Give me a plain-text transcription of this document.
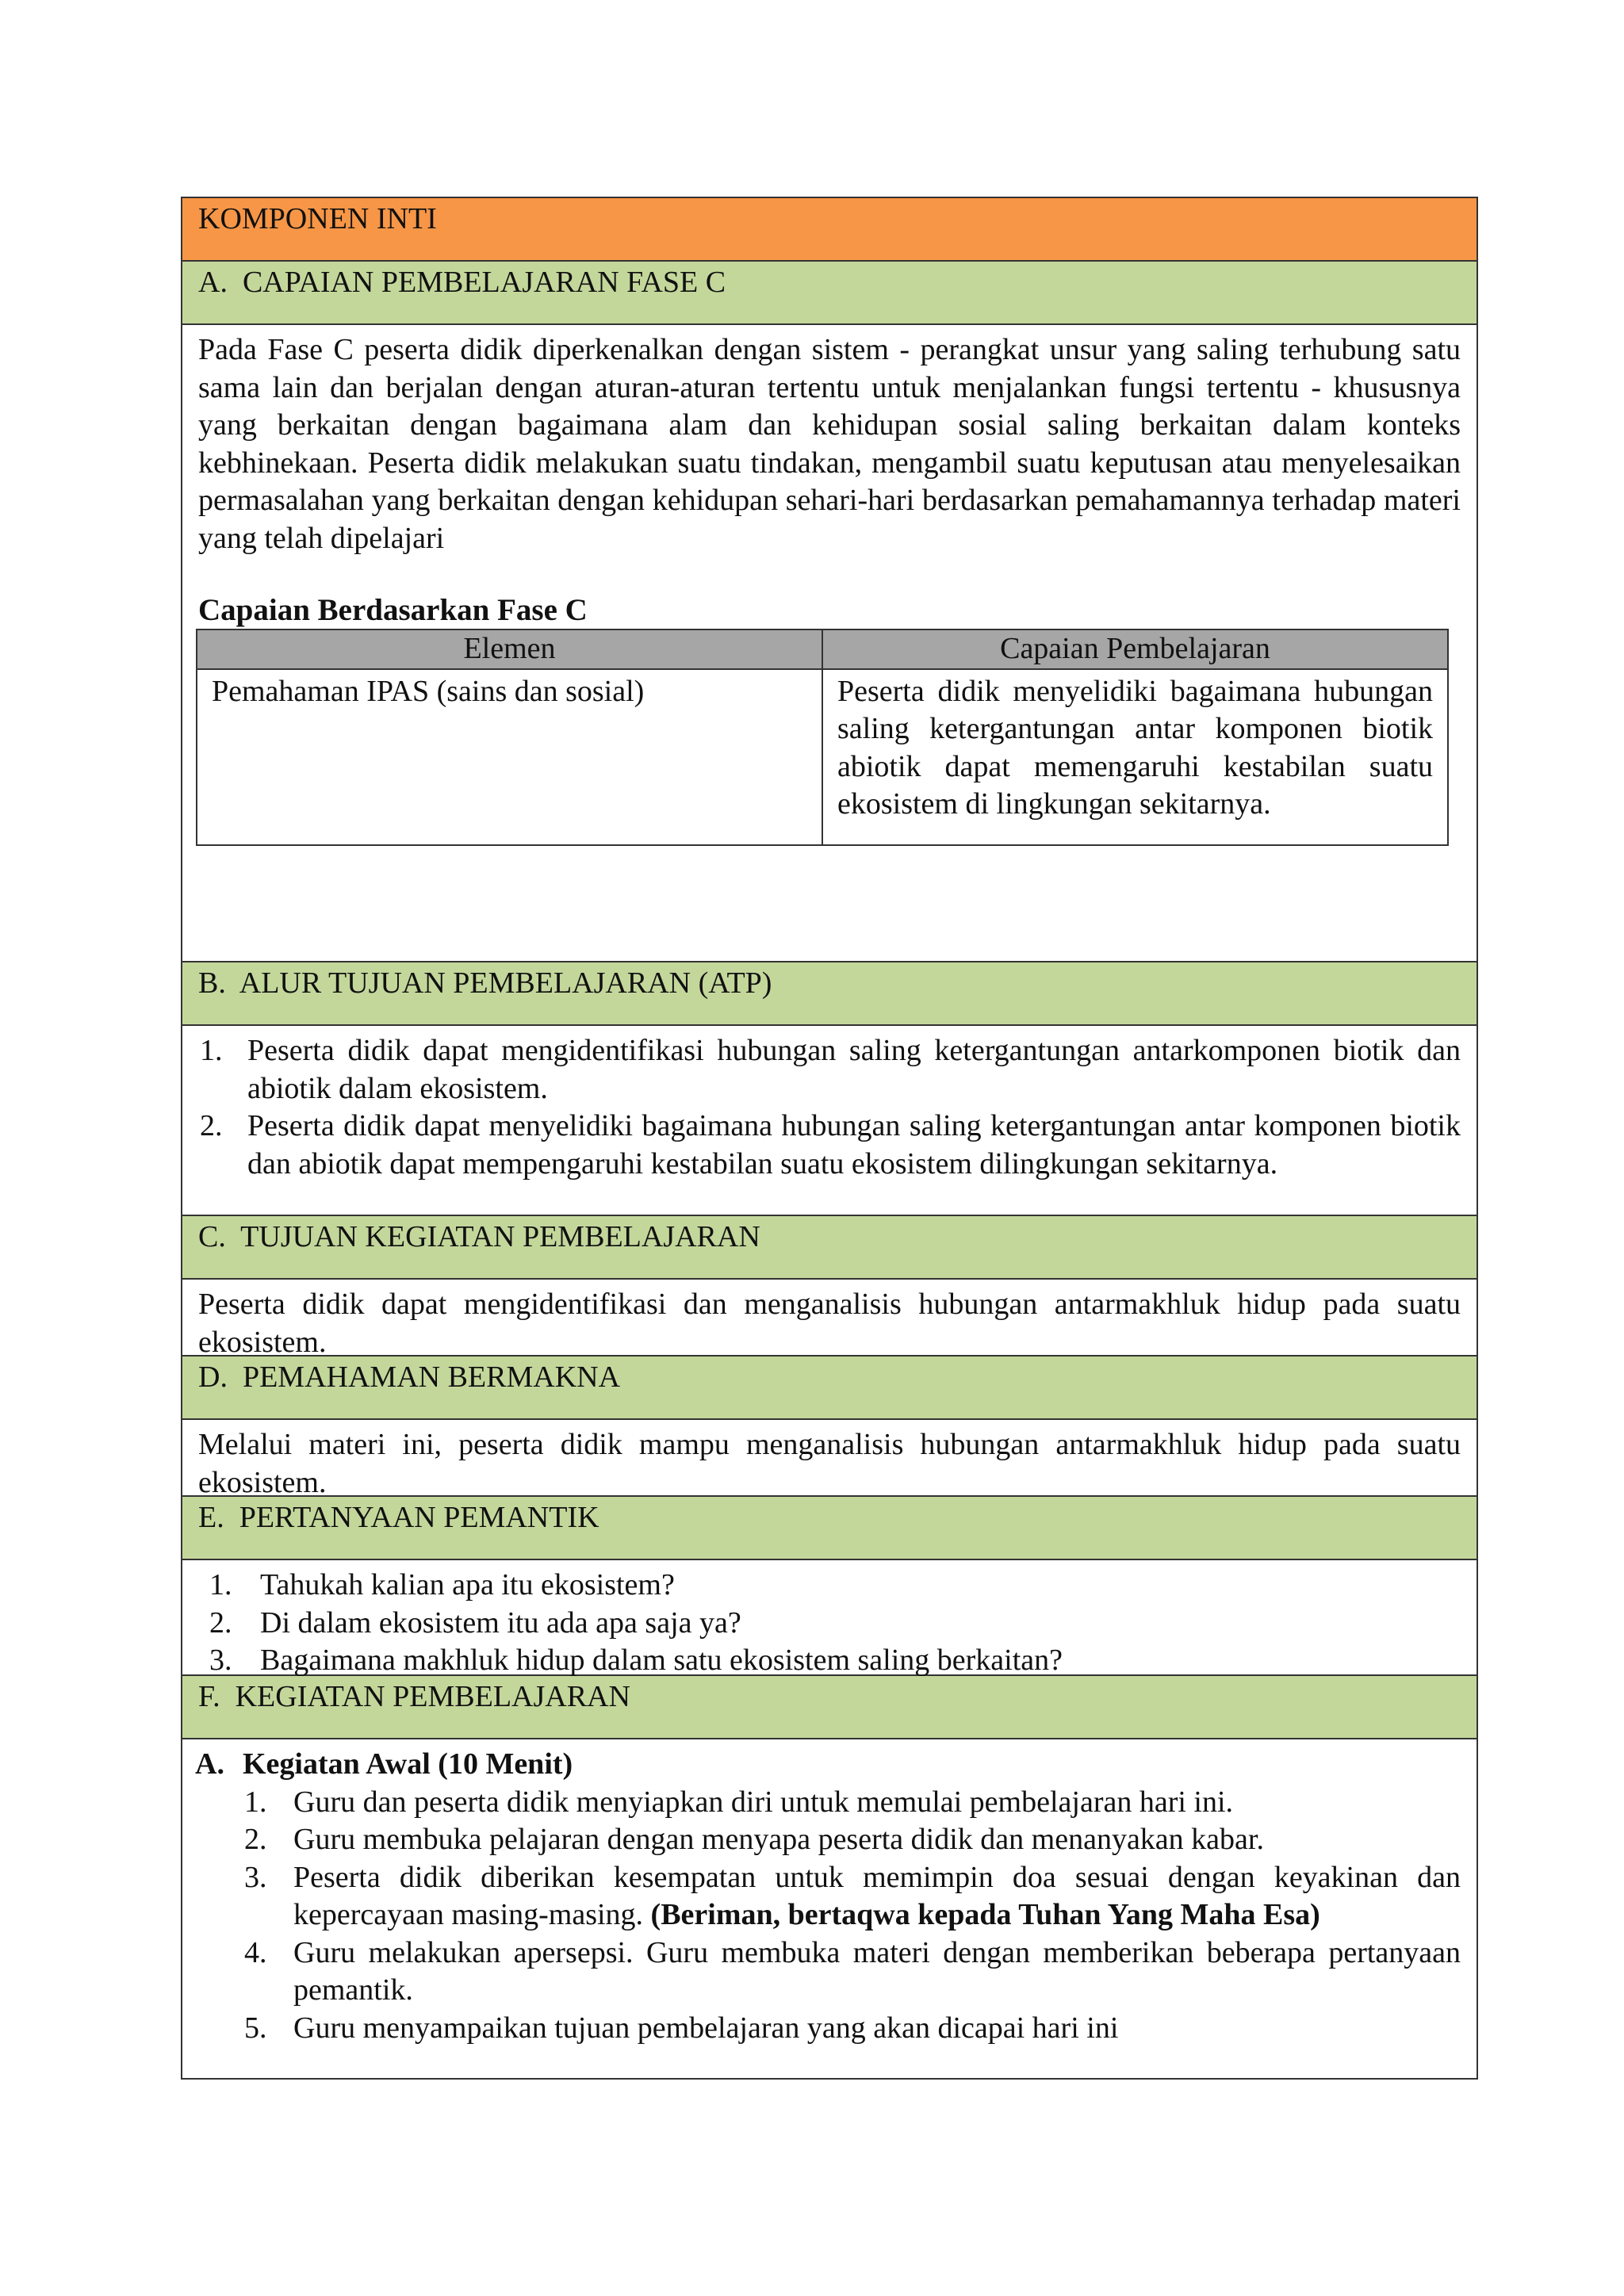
KOMPONEN INTI
A.  CAPAIAN PEMBELAJARAN FASE C
Pada Fase C peserta didik diperkenalkan dengan sistem - perangkat unsur yang saling terhubung satu sama lain dan berjalan dengan aturan-aturan tertentu untuk menjalankan fungsi tertentu - khususnya yang berkaitan dengan bagaimana alam dan kehidupan sosial saling berkaitan dalam konteks kebhinekaan. Peserta didik melakukan suatu tindakan, mengambil suatu keputusan atau menyelesaikan permasalahan yang berkaitan dengan kehidupan sehari-hari berdasarkan pemahamannya terhadap materi yang telah dipelajari
Capaian Berdasarkan Fase C
Elemen	Capaian Pembelajaran
Pemahaman IPAS (sains dan sosial)	Peserta didik menyelidiki bagaimana hubungan saling ketergantungan antar komponen biotik abiotik dapat memengaruhi kestabilan suatu ekosistem di lingkungan sekitarnya.
B.  ALUR TUJUAN PEMBELAJARAN (ATP)
1. Peserta didik dapat mengidentifikasi hubungan saling ketergantungan antarkomponen biotik dan abiotik dalam ekosistem.
2. Peserta didik dapat menyelidiki bagaimana hubungan saling ketergantungan antar komponen biotik dan abiotik dapat mempengaruhi kestabilan suatu ekosistem dilingkungan sekitarnya.
C.  TUJUAN KEGIATAN PEMBELAJARAN
Peserta didik dapat mengidentifikasi dan menganalisis hubungan antarmakhluk hidup pada suatu ekosistem.
D.  PEMAHAMAN BERMAKNA
Melalui materi ini, peserta didik mampu menganalisis hubungan antarmakhluk hidup pada suatu ekosistem.
E.  PERTANYAAN PEMANTIK
1. Tahukah kalian apa itu ekosistem?
2. Di dalam ekosistem itu ada apa saja ya?
3. Bagaimana makhluk hidup dalam satu ekosistem saling berkaitan?
F.  KEGIATAN PEMBELAJARAN
A. Kegiatan Awal (10 Menit)
1. Guru dan peserta didik menyiapkan diri untuk memulai pembelajaran hari ini.
2. Guru membuka pelajaran dengan menyapa peserta didik dan menanyakan kabar.
3. Peserta didik diberikan kesempatan untuk memimpin doa sesuai dengan keyakinan dan kepercayaan masing-masing. (Beriman, bertaqwa kepada Tuhan Yang Maha Esa)
4. Guru melakukan apersepsi. Guru membuka materi dengan memberikan beberapa pertanyaan pemantik.
5. Guru menyampaikan tujuan pembelajaran yang akan dicapai hari ini
